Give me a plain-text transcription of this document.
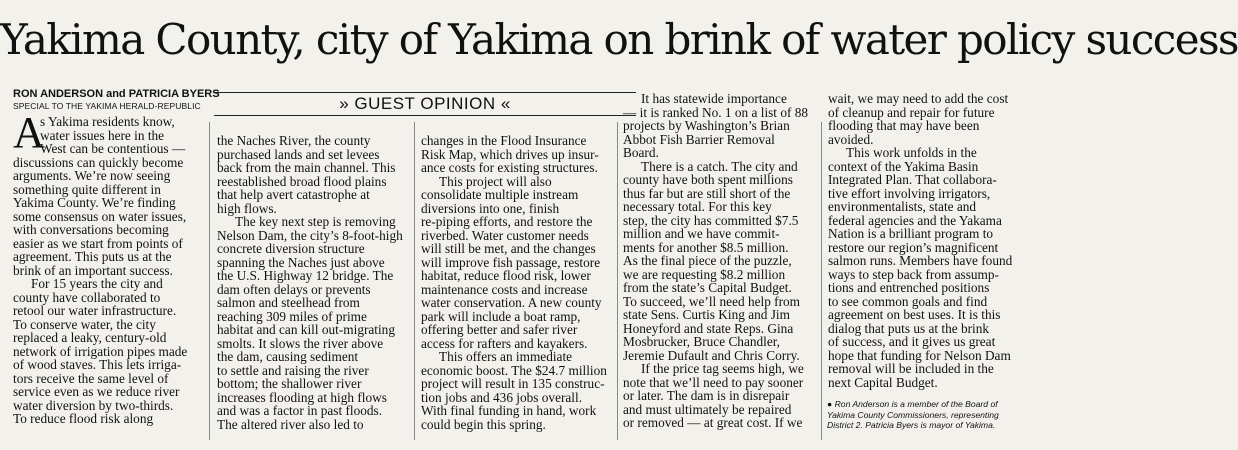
Yakima County, city of Yakima on brink of water policy success
RON ANDERSON and PATRICIA BYERS
SPECIAL TO THE YAKIMA HERALD-REPUBLIC	» GUEST OPINION «
A
s Yakima residents know,
water issues here in the
West can be contentious —
discussions can quickly become
arguments. We’re now seeing
something quite different in
Yakima County. We’re finding
some consensus on water issues,
with conversations becoming
easier as we start from points of
agreement. This puts us at the
brink of an important success.
For 15 years the city and
county have collaborated to
retool our water infrastructure.
To conserve water, the city
replaced a leaky, century-old
network of irrigation pipes made
of wood staves. This lets irriga-
tors receive the same level of
service even as we reduce river
water diversion by two-thirds.
To reduce flood risk along
the Naches River, the county
purchased lands and set levees
back from the main channel. This
reestablished broad flood plains
that help avert catastrophe at
high flows.
The key next step is removing
Nelson Dam, the city’s 8-foot-high
concrete diversion structure
spanning the Naches just above
the U.S. Highway 12 bridge. The
dam often delays or prevents
salmon and steelhead from
reaching 309 miles of prime
habitat and can kill out-migrating
smolts. It slows the river above
the dam, causing sediment
to settle and raising the river
bottom; the shallower river
increases flooding at high flows
and was a factor in past floods.
The altered river also led to
changes in the Flood Insurance
Risk Map, which drives up insur-
ance costs for existing structures.
This project will also
consolidate multiple instream
diversions into one, finish
re-piping efforts, and restore the
riverbed. Water customer needs
will still be met, and the changes
will improve fish passage, restore
habitat, reduce flood risk, lower
maintenance costs and increase
water conservation. A new county
park will include a boat ramp,
offering better and safer river
access for rafters and kayakers.
This offers an immediate
economic boost. The $24.7 million
project will result in 135 construc-
tion jobs and 436 jobs overall.
With final funding in hand, work
could begin this spring.
It has statewide importance
— it is ranked No. 1 on a list of 88
projects by Washington’s Brian
Abbot Fish Barrier Removal
Board.
There is a catch. The city and
county have both spent millions
thus far but are still short of the
necessary total. For this key
step, the city has committed $7.5
million and we have commit-
ments for another $8.5 million.
As the final piece of the puzzle,
we are requesting $8.2 million
from the state’s Capital Budget.
To succeed, we’ll need help from
state Sens. Curtis King and Jim
Honeyford and state Reps. Gina
Mosbrucker, Bruce Chandler,
Jeremie Dufault and Chris Corry.
If the price tag seems high, we
note that we’ll need to pay sooner
or later. The dam is in disrepair
and must ultimately be repaired
or removed — at great cost. If we
wait, we may need to add the cost
of cleanup and repair for future
flooding that may have been
avoided.
This work unfolds in the
context of the Yakima Basin
Integrated Plan. That collabora-
tive effort involving irrigators,
environmentalists, state and
federal agencies and the Yakama
Nation is a brilliant program to
restore our region’s magnificent
salmon runs. Members have found
ways to step back from assump-
tions and entrenched positions
to see common goals and find
agreement on best uses. It is this
dialog that puts us at the brink
of success, and it gives us great
hope that funding for Nelson Dam
removal will be included in the
next Capital Budget.
● Ron Anderson is a member of the Board of
Yakima County Commissioners, representing
District 2. Patricia Byers is mayor of Yakima.
